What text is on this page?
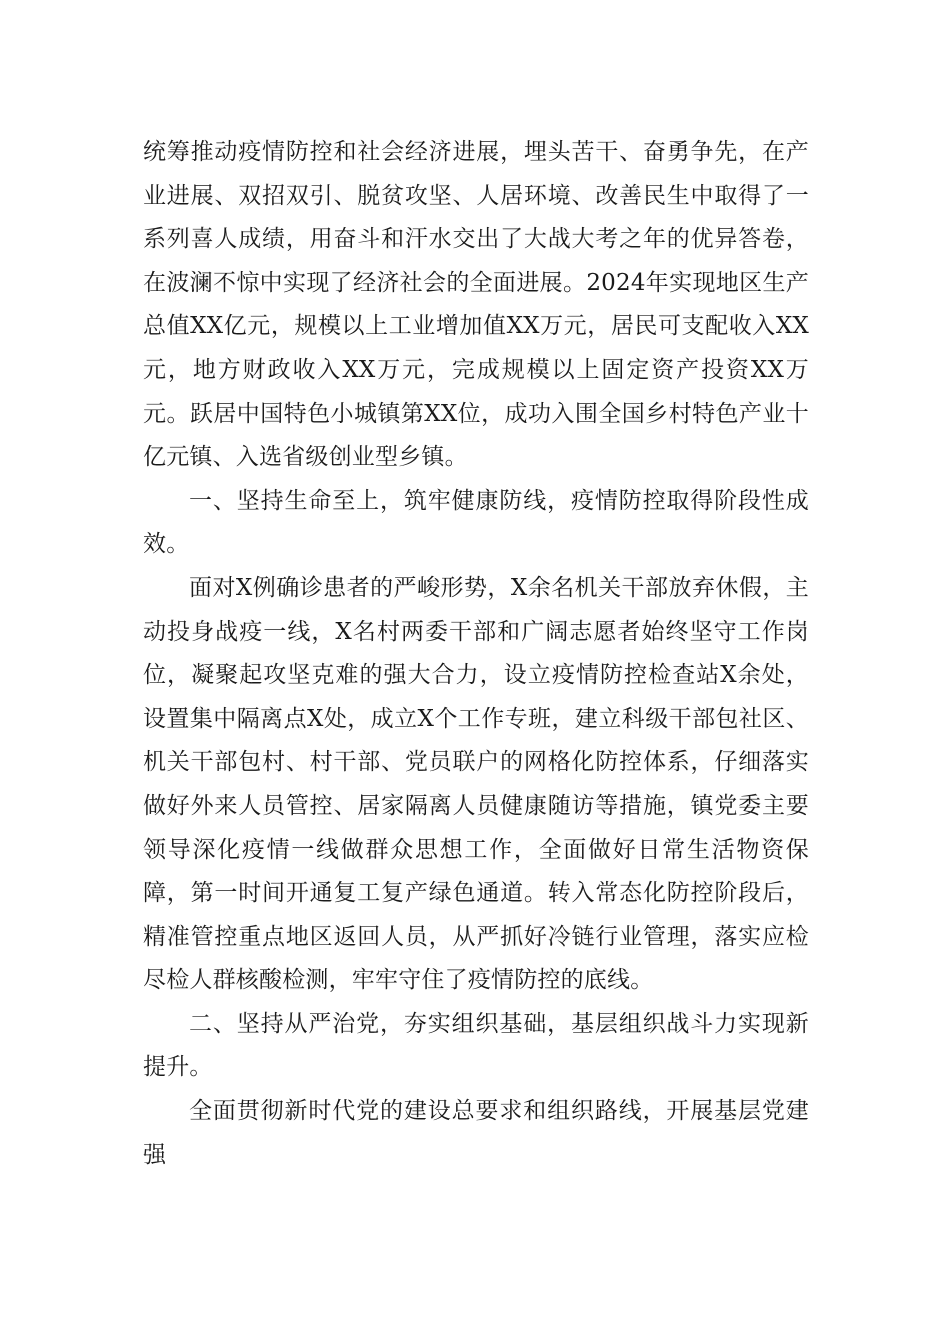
统筹推动疫情防控和社会经济进展，埋头苦干、奋勇争先，在产业进展、双招双引、脱贫攻坚、人居环境、改善民生中取得了一系列喜人成绩，用奋斗和汗水交出了大战大考之年的优异答卷，在波澜不惊中实现了经济社会的全面进展。2024年实现地区生产总值XX亿元，规模以上工业增加值XX万元，居民可支配收入XX元，地方财政收入XX万元，完成规模以上固定资产投资XX万元。跃居中国特色小城镇第XX位，成功入围全国乡村特色产业十亿元镇、入选省级创业型乡镇。

一、坚持生命至上，筑牢健康防线，疫情防控取得阶段性成效。

面对X例确诊患者的严峻形势，X余名机关干部放弃休假，主动投身战疫一线，X名村两委干部和广阔志愿者始终坚守工作岗位，凝聚起攻坚克难的强大合力，设立疫情防控检查站X余处，设置集中隔离点X处，成立X个工作专班，建立科级干部包社区、机关干部包村、村干部、党员联户的网格化防控体系，仔细落实做好外来人员管控、居家隔离人员健康随访等措施，镇党委主要领导深化疫情一线做群众思想工作，全面做好日常生活物资保障，第一时间开通复工复产绿色通道。转入常态化防控阶段后，精准管控重点地区返回人员，从严抓好冷链行业管理，落实应检尽检人群核酸检测，牢牢守住了疫情防控的底线。

二、坚持从严治党，夯实组织基础，基层组织战斗力实现新提升。

全面贯彻新时代党的建设总要求和组织路线，开展基层党建强
